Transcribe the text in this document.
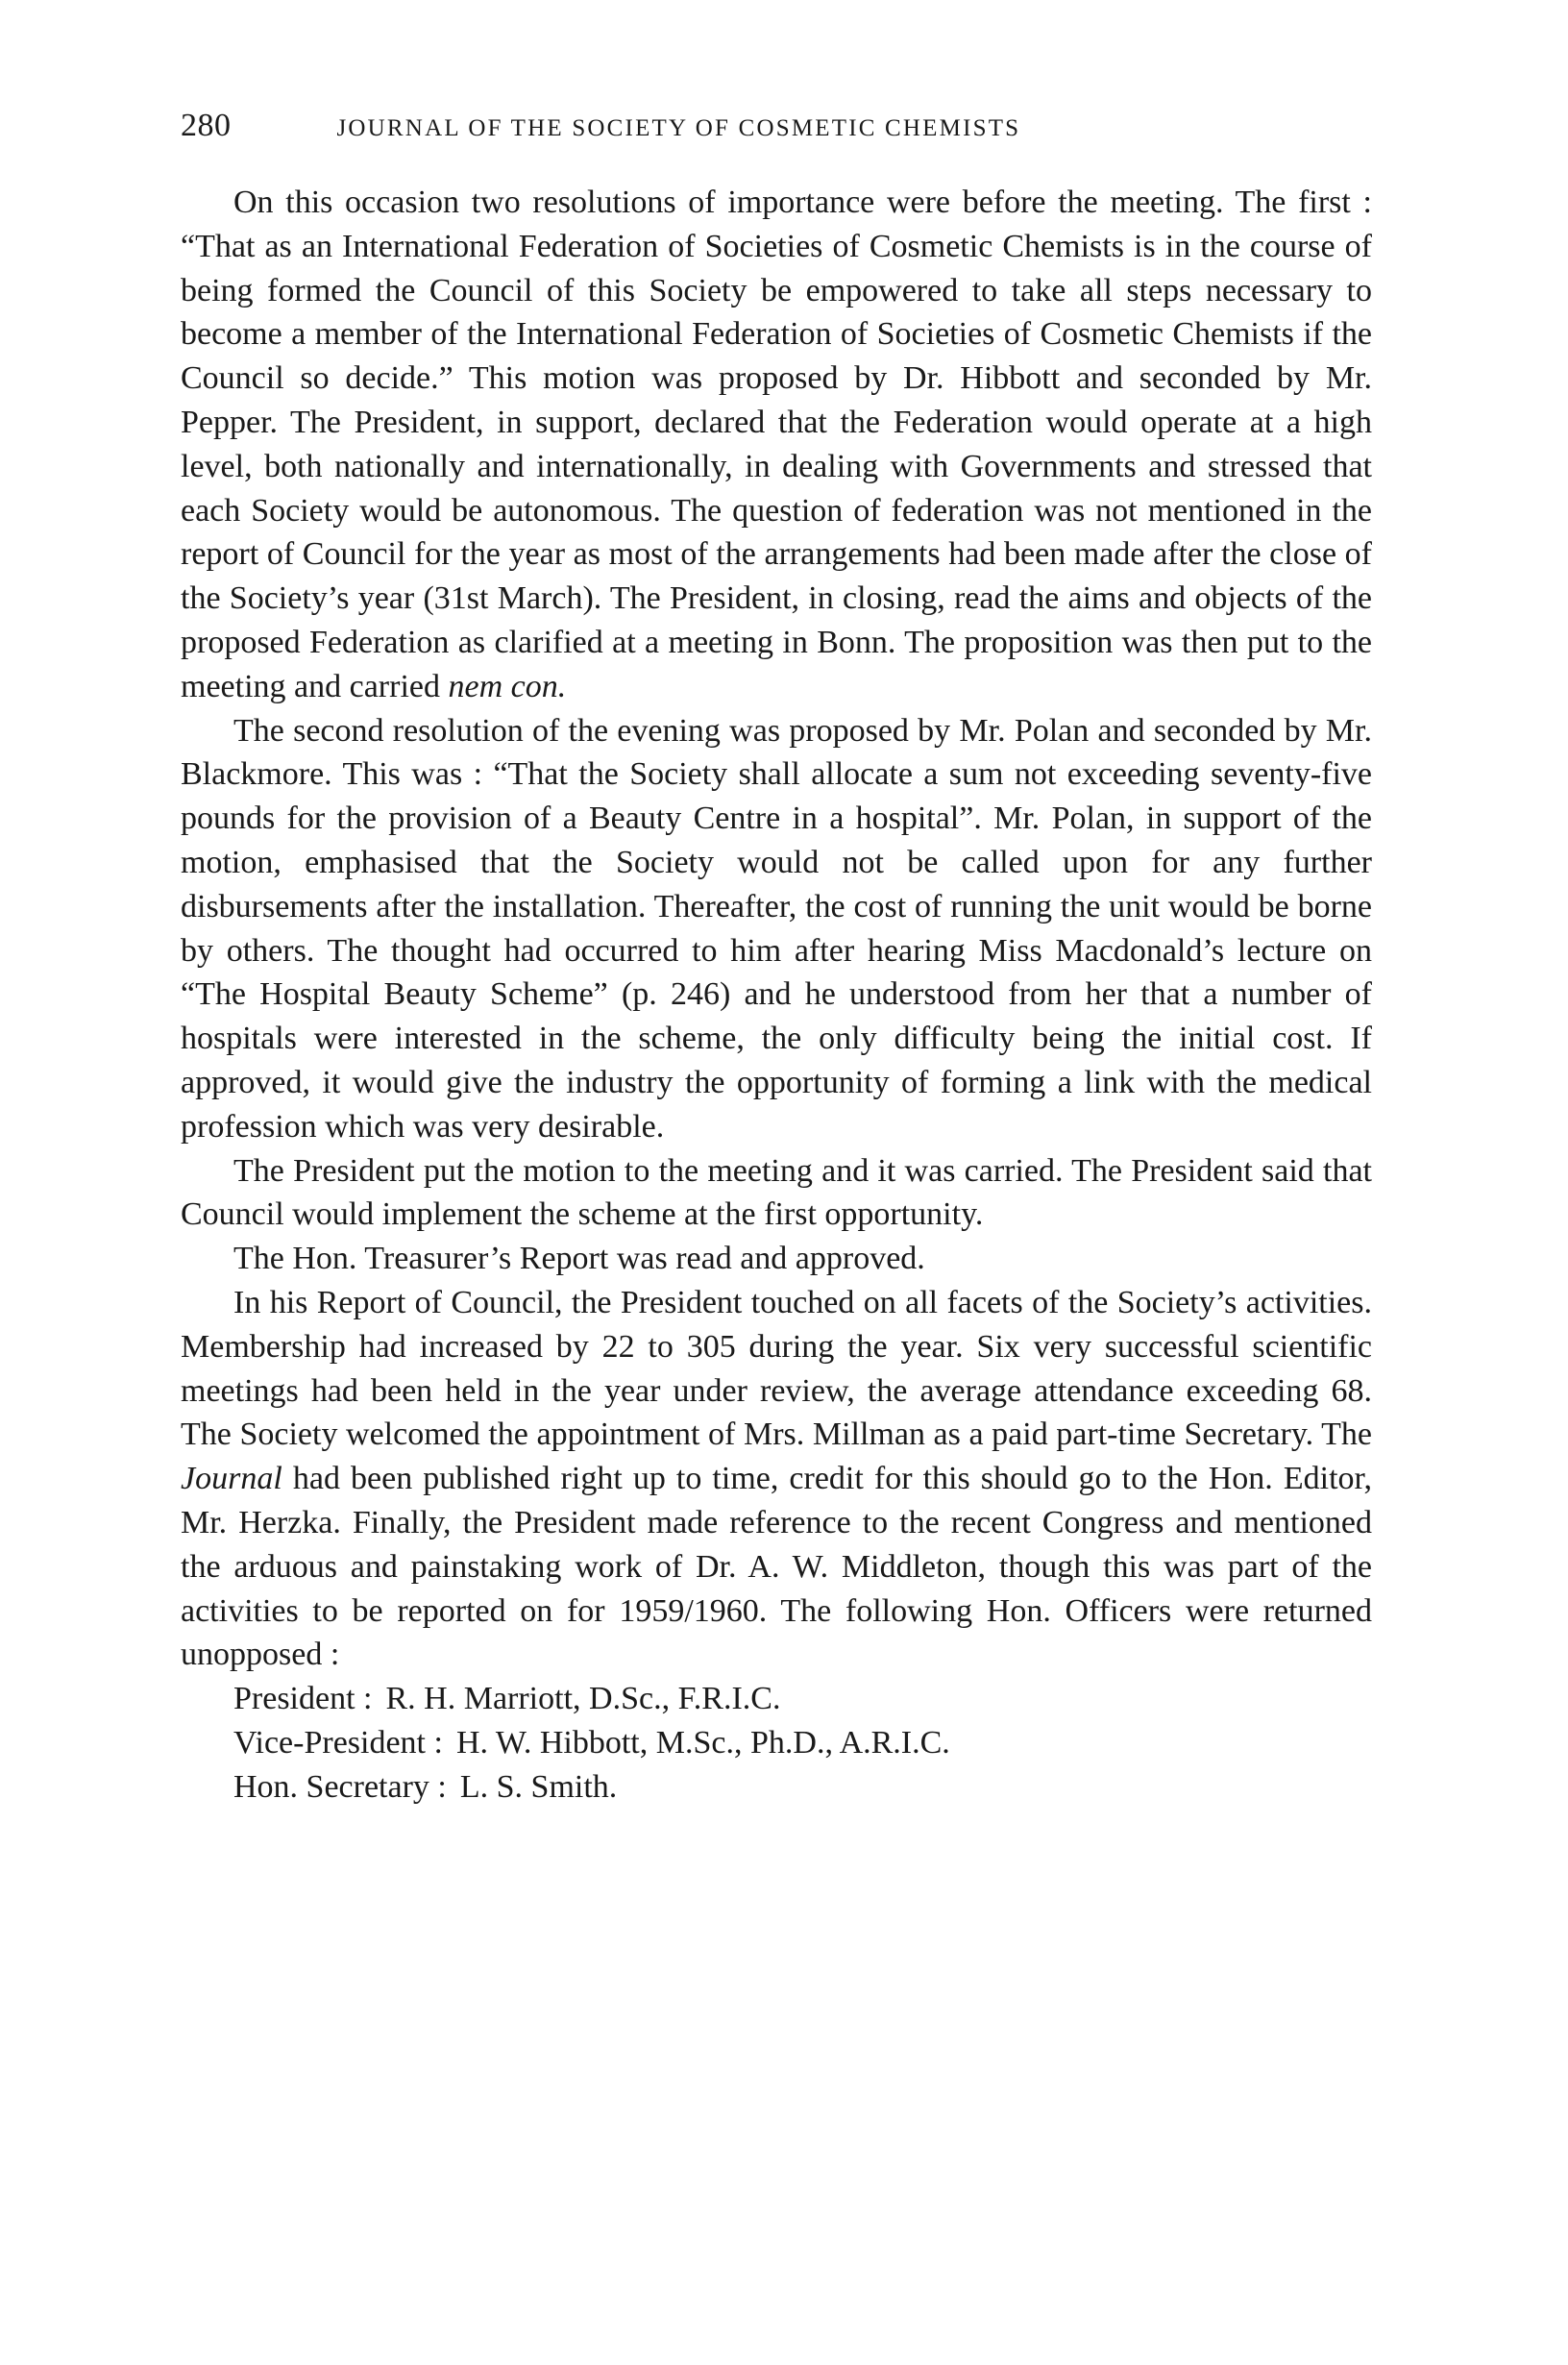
280	JOURNAL OF THE SOCIETY OF COSMETIC CHEMISTS

On this occasion two resolutions of importance were before the meeting. The first : “That as an International Federation of Societies of Cosmetic Chemists is in the course of being formed the Council of this Society be empowered to take all steps necessary to become a member of the International Federation of Societies of Cosmetic Chemists if the Council so decide.” This motion was proposed by Dr. Hibbott and seconded by Mr. Pepper. The President, in support, declared that the Federation would operate at a high level, both nationally and internationally, in dealing with Governments and stressed that each Society would be autonomous. The question of federation was not mentioned in the report of Council for the year as most of the arrangements had been made after the close of the Society’s year (31st March). The President, in closing, read the aims and objects of the proposed Federation as clarified at a meeting in Bonn. The proposition was then put to the meeting and carried nem con.

The second resolution of the evening was proposed by Mr. Polan and seconded by Mr. Blackmore. This was : “That the Society shall allocate a sum not exceeding seventy-five pounds for the provision of a Beauty Centre in a hospital”. Mr. Polan, in support of the motion, emphasised that the Society would not be called upon for any further disbursements after the installation. Thereafter, the cost of running the unit would be borne by others. The thought had occurred to him after hearing Miss Macdonald’s lecture on “The Hospital Beauty Scheme” (p. 246) and he understood from her that a number of hospitals were interested in the scheme, the only difficulty being the initial cost. If approved, it would give the industry the opportunity of forming a link with the medical profession which was very desirable.

The President put the motion to the meeting and it was carried. The President said that Council would implement the scheme at the first opportunity.

The Hon. Treasurer’s Report was read and approved.

In his Report of Council, the President touched on all facets of the Society’s activities. Membership had increased by 22 to 305 during the year. Six very successful scientific meetings had been held in the year under review, the average attendance exceeding 68. The Society welcomed the appointment of Mrs. Millman as a paid part-time Secretary. The Journal had been published right up to time, credit for this should go to the Hon. Editor, Mr. Herzka. Finally, the President made reference to the recent Congress and mentioned the arduous and painstaking work of Dr. A. W. Middleton, though this was part of the activities to be reported on for 1959/1960. The following Hon. Officers were returned unopposed :

President : R. H. Marriott, D.Sc., F.R.I.C.

Vice-President : H. W. Hibbott, M.Sc., Ph.D., A.R.I.C.

Hon. Secretary : L. S. Smith.
